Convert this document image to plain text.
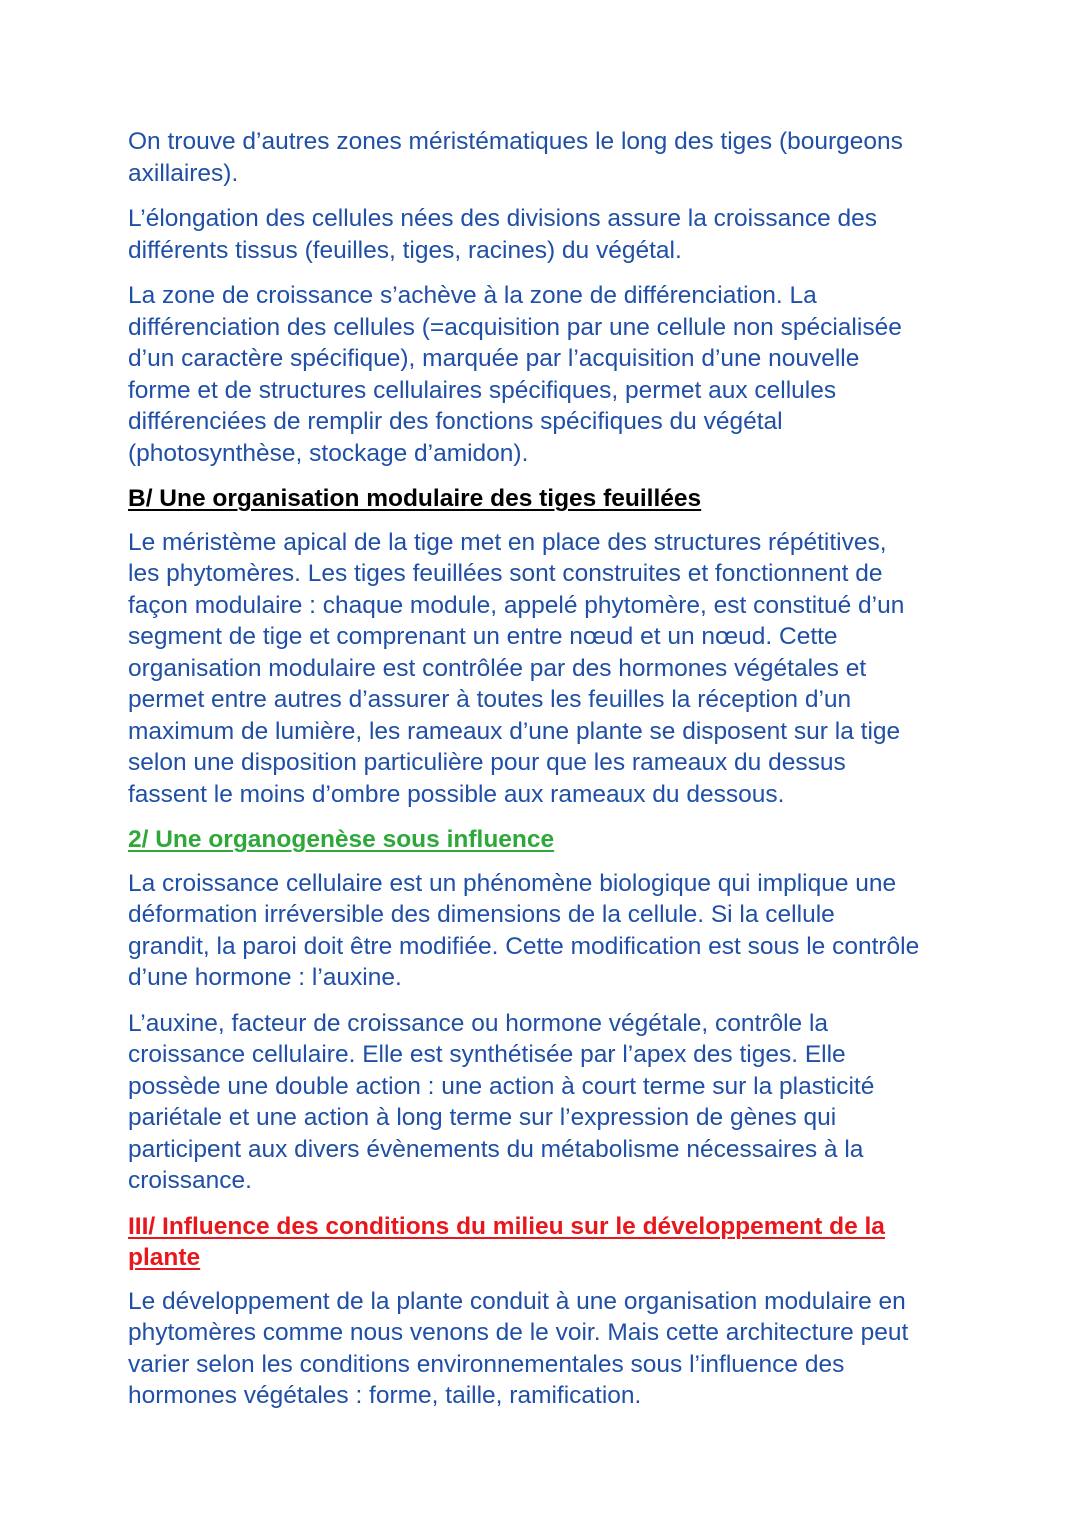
On trouve d’autres zones méristématiques le long des tiges (bourgeons
axillaires).

L’élongation des cellules nées des divisions assure la croissance des
différents tissus (feuilles, tiges, racines) du végétal.

La zone de croissance s’achève à la zone de différenciation. La
différenciation des cellules (=acquisition par une cellule non spécialisée
d’un caractère spécifique), marquée par l’acquisition d’une nouvelle
forme et de structures cellulaires spécifiques, permet aux cellules
différenciées de remplir des fonctions spécifiques du végétal
(photosynthèse, stockage d’amidon).

B/ Une organisation modulaire des tiges feuillées

Le méristème apical de la tige met en place des structures répétitives,
les phytomères. Les tiges feuillées sont construites et fonctionnent de
façon modulaire : chaque module, appelé phytomère, est constitué d’un
segment de tige et comprenant un entre nœud et un nœud. Cette
organisation modulaire est contrôlée par des hormones végétales et
permet entre autres d’assurer à toutes les feuilles la réception d’un
maximum de lumière, les rameaux d’une plante se disposent sur la tige
selon une disposition particulière pour que les rameaux du dessus
fassent le moins d’ombre possible aux rameaux du dessous.

2/ Une organogenèse sous influence

La croissance cellulaire est un phénomène biologique qui implique une
déformation irréversible des dimensions de la cellule. Si la cellule
grandit, la paroi doit être modifiée. Cette modification est sous le contrôle
d’une hormone : l’auxine.

L’auxine, facteur de croissance ou hormone végétale, contrôle la
croissance cellulaire. Elle est synthétisée par l’apex des tiges. Elle
possède une double action : une action à court terme sur la plasticité
pariétale et une action à long terme sur l’expression de gènes qui
participent aux divers évènements du métabolisme nécessaires à la
croissance.

III/ Influence des conditions du milieu sur le développement de la
plante

Le développement de la plante conduit à une organisation modulaire en
phytomères comme nous venons de le voir. Mais cette architecture peut
varier selon les conditions environnementales sous l’influence des
hormones végétales : forme, taille, ramification.
